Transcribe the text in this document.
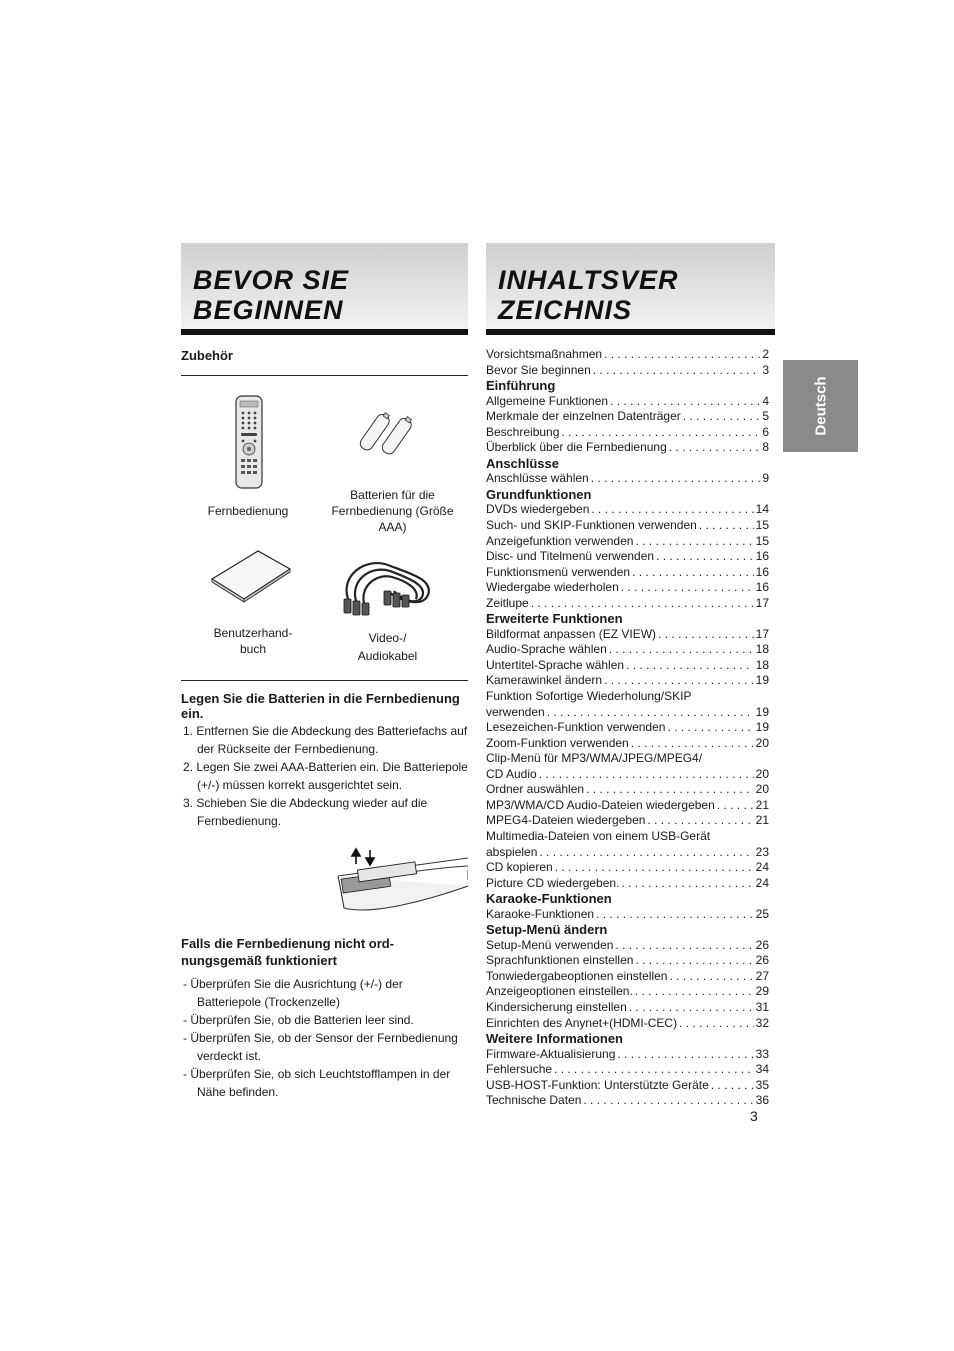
BEVOR SIE
BEGINNEN
INHALTSVER
ZEICHNIS
Deutsch
Zubehör
Fernbedienung
Batterien für die Fernbedienung (Größe AAA)
Benutzerhand-
buch
Video-/
Audiokabel
Legen Sie die Batterien in die Fernbedienung ein.
1. Entfernen Sie die Abdeckung des Batteriefachs auf der Rückseite der Fernbedienung.
2. Legen Sie zwei AAA-Batterien ein. Die Batteriepole (+/-) müssen korrekt ausgerichtet sein.
3. Schieben Sie die Abdeckung wieder auf die Fernbedienung.
Falls die Fernbedienung nicht ord-nungsgemäß funktioniert
- Überprüfen Sie die Ausrichtung (+/-) der Batteriepole (Trockenzelle)
- Überprüfen Sie, ob die Batterien leer sind.
- Überprüfen Sie, ob der Sensor der Fernbedienung verdeckt ist.
- Überprüfen Sie, ob sich Leuchtstofflampen in der Nähe befinden.
Vorsichtsmaßnahmen . . .	2
Bevor Sie beginnen . . .	3
Einführung
Allgemeine Funktionen . . .	4
Merkmale der einzelnen Datenträger . . .	5
Beschreibung . . .	6
Überblick über die Fernbedienung . . .	8
Anschlüsse
Anschlüsse wählen . . .	9
Grundfunktionen
DVDs wiedergeben . . .	14
Such- und SKIP-Funktionen verwenden . . .	15
Anzeigefunktion verwenden . . .	15
Disc- und Titelmenü verwenden . . .	16
Funktionsmenü verwenden . . .	16
Wiedergabe wiederholen . . .	16
Zeitlupe . . .	17
Erweiterte Funktionen
Bildformat anpassen (EZ VIEW) . . .	17
Audio-Sprache wählen . . .	18
Untertitel-Sprache wählen . . .	18
Kamerawinkel ändern . . .	19
Funktion Sofortige Wiederholung/SKIP
verwenden . . .	19
Lesezeichen-Funktion verwenden . . .	19
Zoom-Funktion verwenden . . .	20
Clip-Menü für MP3/WMA/JPEG/MPEG4/
CD Audio . . .	20
Ordner auswählen . . .	20
MP3/WMA/CD Audio-Dateien wiedergeben . . .	21
MPEG4-Dateien wiedergeben . . .	21
Multimedia-Dateien von einem USB-Gerät
abspielen . . .	23
CD kopieren . . .	24
Picture CD wiedergeben. . . .	24
Karaoke-Funktionen
Karaoke-Funktionen . . .	25
Setup-Menü ändern
Setup-Menü verwenden . . .	26
Sprachfunktionen einstellen . . .	26
Tonwiedergabeoptionen einstellen . . .	27
Anzeigeoptionen einstellen. . . .	29
Kindersicherung einstellen . . .	31
Einrichten des Anynet+(HDMI-CEC) . . .	32
Weitere Informationen
Firmware-Aktualisierung . . .	33
Fehlersuche . . .	34
USB-HOST-Funktion: Unterstützte Geräte . . .	35
Technische Daten . . .	36
3
